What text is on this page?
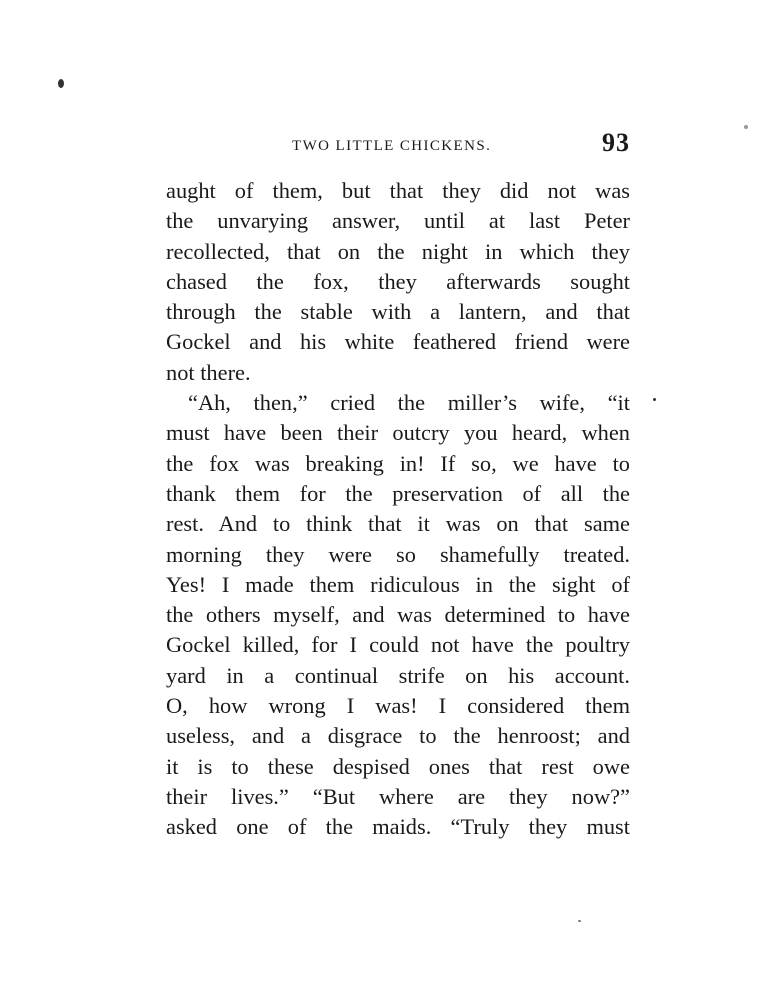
TWO LITTLE CHICKENS.	93
aught of them, but that they did not was
the unvarying answer, until at last Peter
recollected, that on the night in which they
chased the fox, they afterwards sought
through the stable with a lantern, and that
Gockel and his white feathered friend were
not there.
“Ah, then,” cried the miller’s wife, “it
must have been their outcry you heard, when
the fox was breaking in! If so, we have to
thank them for the preservation of all the
rest. And to think that it was on that same
morning they were so shamefully treated.
Yes! I made them ridiculous in the sight of
the others myself, and was determined to have
Gockel killed, for I could not have the poultry
yard in a continual strife on his account.
O, how wrong I was! I considered them
useless, and a disgrace to the henroost; and
it is to these despised ones that rest owe
their lives.” “But where are they now?”
asked one of the maids. “Truly they must
